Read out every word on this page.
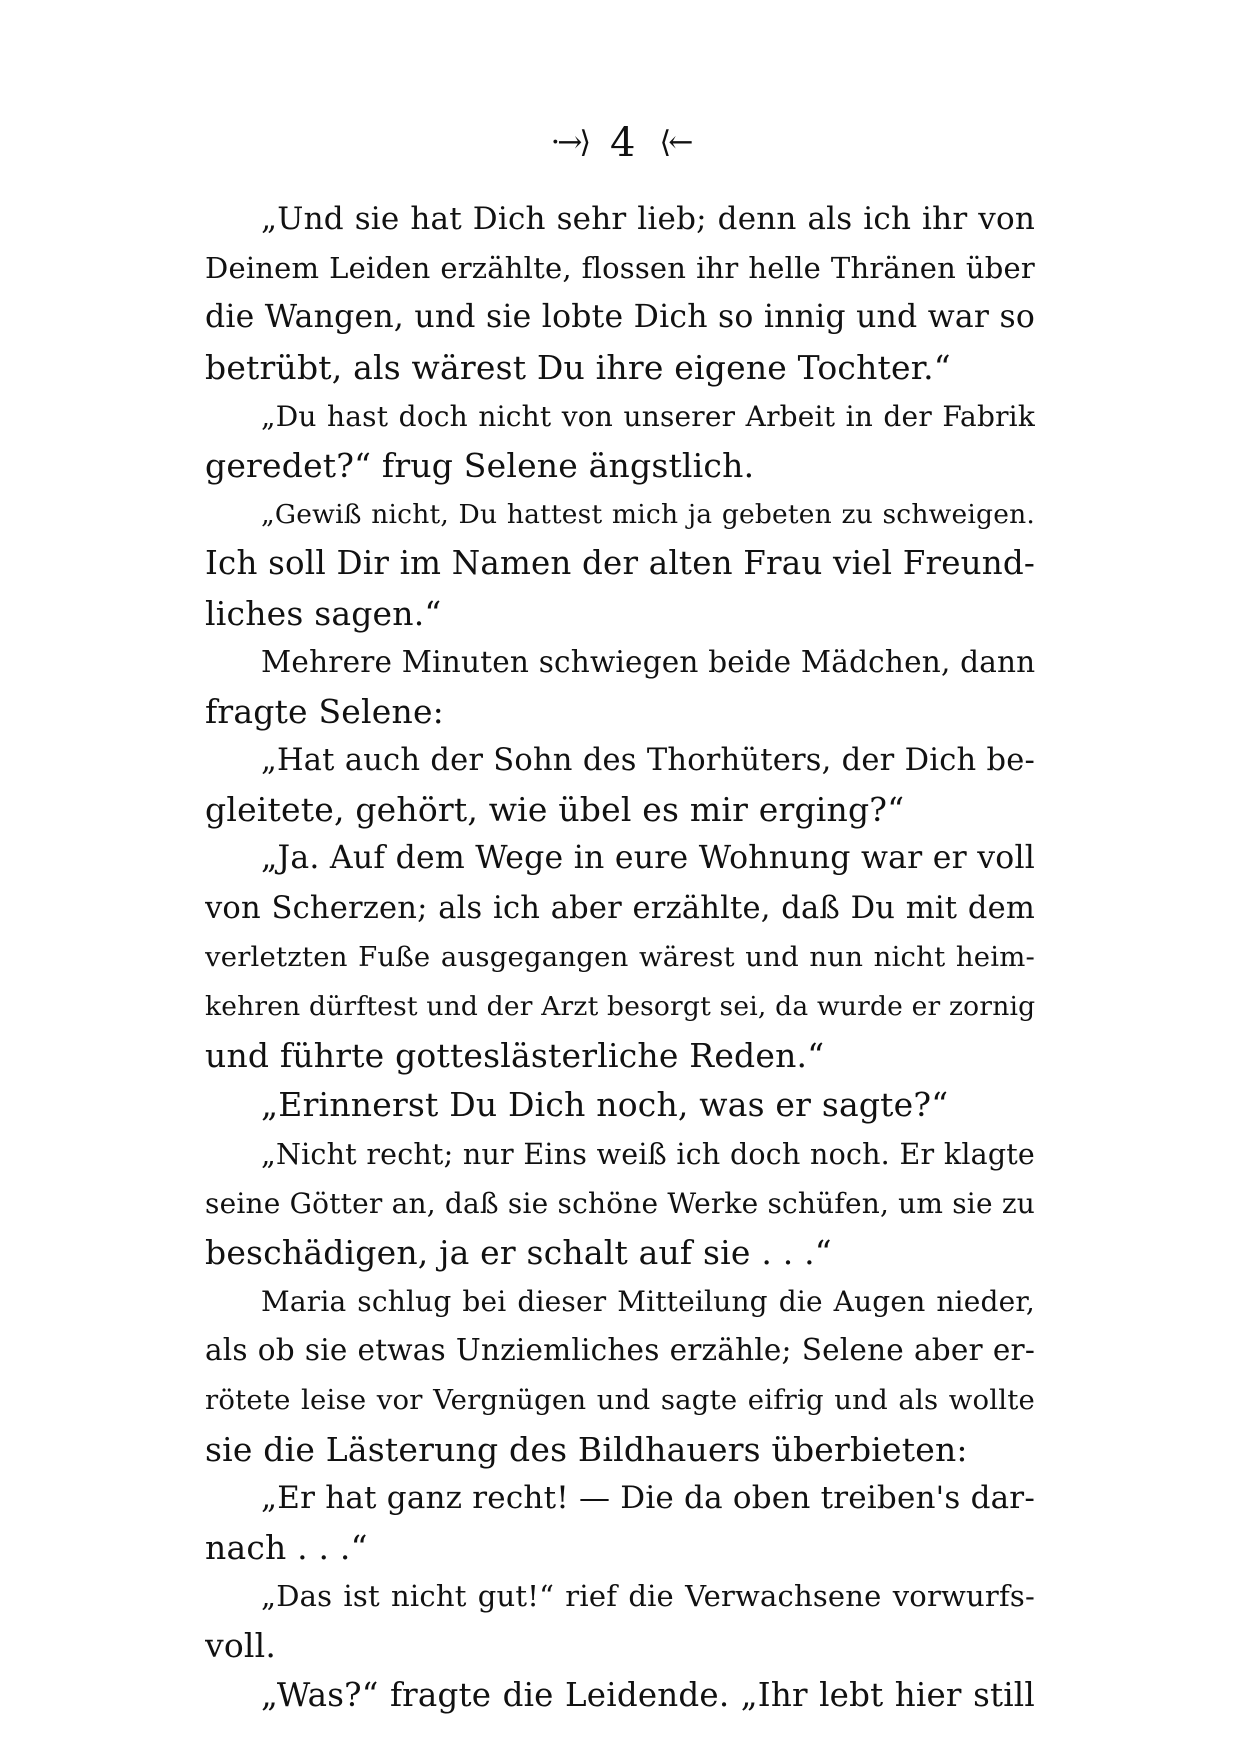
·→⟩ 4 ⟨←
„Und sie hat Dich sehr lieb; denn als ich ihr von
Deinem Leiden erzählte, flossen ihr helle Thränen über
die Wangen, und sie lobte Dich so innig und war so
betrübt, als wärest Du ihre eigene Tochter.“
„Du hast doch nicht von unserer Arbeit in der Fabrik
geredet?“ frug Selene ängstlich.
„Gewiß nicht, Du hattest mich ja gebeten zu schweigen.
Ich soll Dir im Namen der alten Frau viel Freund-
liches sagen.“
Mehrere Minuten schwiegen beide Mädchen, dann
fragte Selene:
„Hat auch der Sohn des Thorhüters, der Dich be-
gleitete, gehört, wie übel es mir erging?“
„Ja. Auf dem Wege in eure Wohnung war er voll
von Scherzen; als ich aber erzählte, daß Du mit dem
verletzten Fuße ausgegangen wärest und nun nicht heim-
kehren dürftest und der Arzt besorgt sei, da wurde er zornig
und führte gotteslästerliche Reden.“
„Erinnerst Du Dich noch, was er sagte?“
„Nicht recht; nur Eins weiß ich doch noch. Er klagte
seine Götter an, daß sie schöne Werke schüfen, um sie zu
beschädigen, ja er schalt auf sie . . .“
Maria schlug bei dieser Mitteilung die Augen nieder,
als ob sie etwas Unziemliches erzähle; Selene aber er-
rötete leise vor Vergnügen und sagte eifrig und als wollte
sie die Lästerung des Bildhauers überbieten:
„Er hat ganz recht! — Die da oben treiben's dar-
nach . . .“
„Das ist nicht gut!“ rief die Verwachsene vorwurfs-
voll.
„Was?“ fragte die Leidende. „Ihr lebt hier still
